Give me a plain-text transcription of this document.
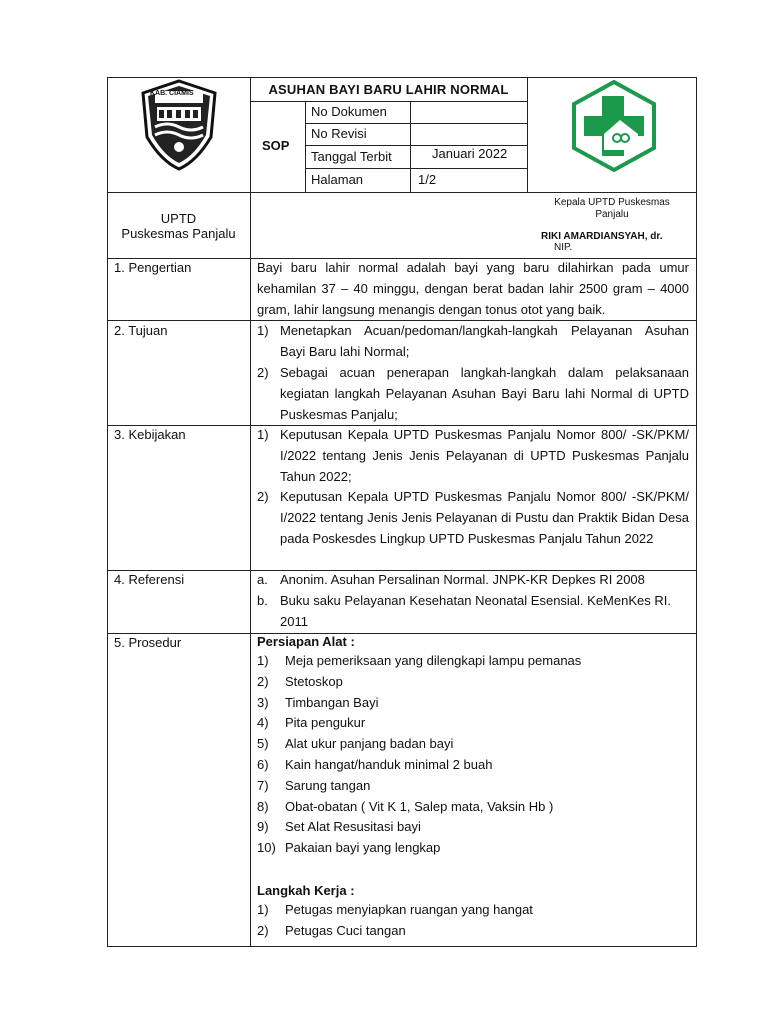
KAB. CIAMIS	ASUHAN BAYI BARU LAHIR NORMAL
SOP
No Dokumen
No Revisi
Tanggal Terbit	Januari 2022
Halaman	1/2
UPTD
Puskesmas Panjalu
Kepala UPTD Puskesmas
Panjalu
RIKI AMARDIANSYAH, dr.
NIP.
1. Pengertian	Bayi baru lahir normal adalah bayi yang baru dilahirkan pada umur kehamilan 37 – 40 minggu, dengan berat badan lahir 2500 gram – 4000 gram, lahir langsung menangis dengan tonus otot yang baik.

2. Tujuan	1) Menetapkan Acuan/pedoman/langkah-langkah Pelayanan Asuhan Bayi Baru lahi Normal;

2) Sebagai acuan penerapan langkah-langkah dalam pelaksanaan kegiatan langkah Pelayanan Asuhan Bayi Baru lahi Normal di UPTD Puskesmas Panjalu;

3. Kebijakan	1) Keputusan Kepala UPTD Puskesmas Panjalu Nomor 800/ -SK/PKM/ I/2022 tentang Jenis Jenis Pelayanan di UPTD Puskesmas Panjalu Tahun 2022;

2) Keputusan Kepala UPTD Puskesmas Panjalu Nomor 800/ -SK/PKM/ I/2022 tentang Jenis Jenis Pelayanan di Pustu dan Praktik Bidan Desa pada Poskesdes Lingkup UPTD Puskesmas Panjalu Tahun 2022

4. Referensi	a. Anonim. Asuhan Persalinan Normal. JNPK-KR Depkes RI 2008

b. Buku saku Pelayanan Kesehatan Neonatal Esensial. KeMenKes RI. 2011

5. Prosedur	Persiapan Alat :
1) Meja pemeriksaan yang dilengkapi lampu pemanas
2) Stetoskop
3) Timbangan Bayi
4) Pita pengukur
5) Alat ukur panjang badan bayi
6) Kain hangat/handuk minimal 2 buah
7) Sarung tangan
8) Obat-obatan ( Vit K 1, Salep mata, Vaksin Hb )
9) Set Alat Resusitasi bayi
10) Pakaian bayi yang lengkap
Langkah Kerja :
1) Petugas menyiapkan ruangan yang hangat
2) Petugas Cuci tangan
